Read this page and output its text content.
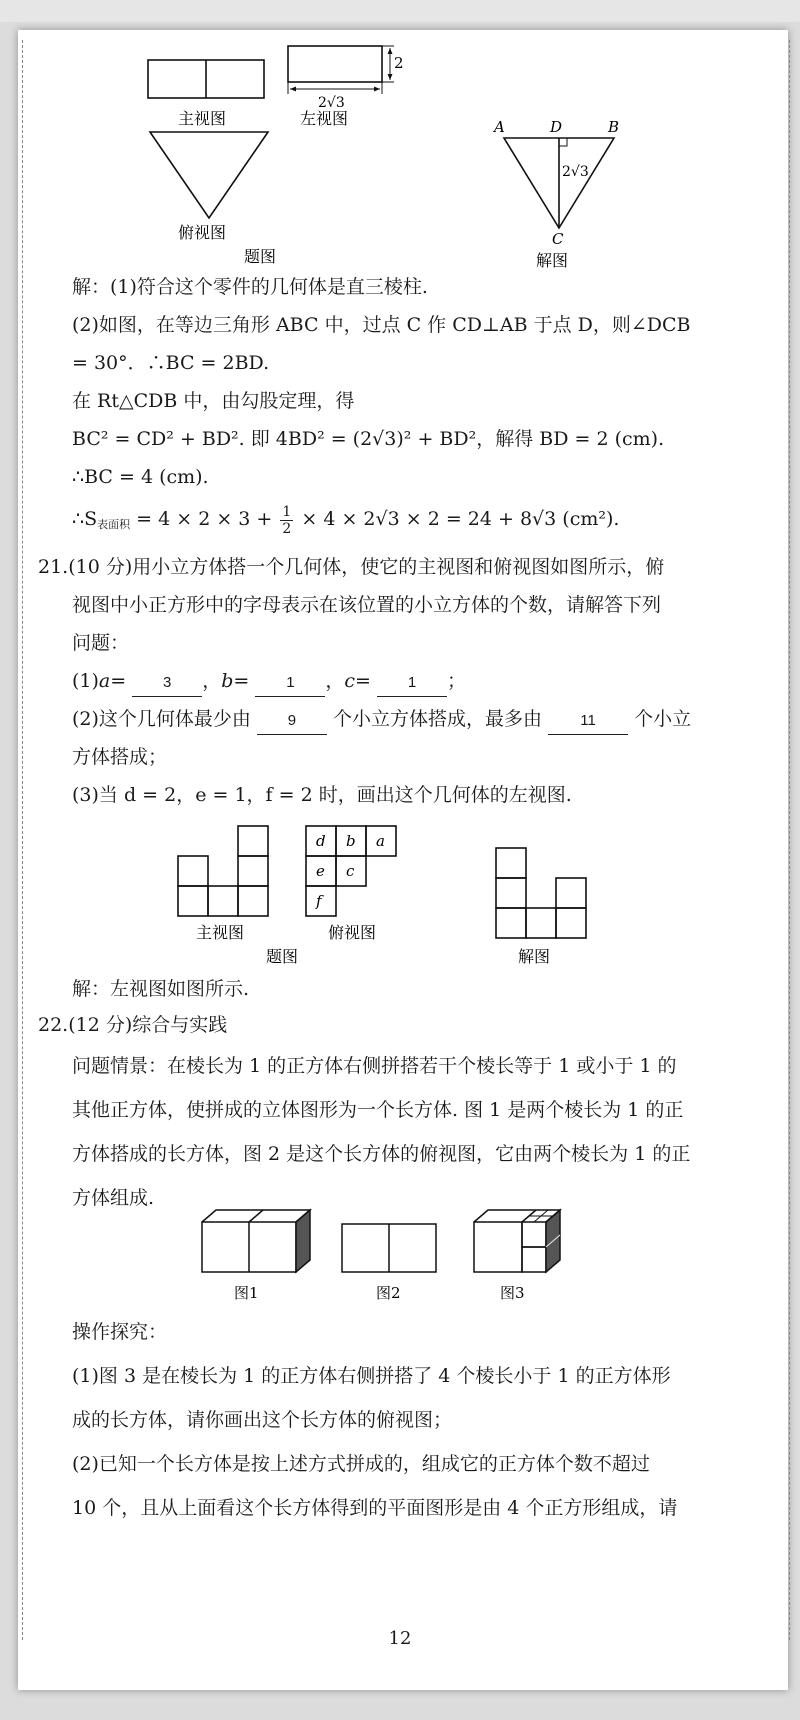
2
2√3
主视图	左视图
俯视图
题图
A	D	B
2√3
C
解图
解：(1)符合这个零件的几何体是直三棱柱.
(2)如图，在等边三角形 ABC 中，过点 C 作 CD⊥AB 于点 D，则∠DCB
= 30°．∴BC = 2BD.
在 Rt△CDB 中，由勾股定理，得
BC² = CD² + BD². 即 4BD² = (2√3)² + BD²，解得 BD = 2 (cm).
∴BC = 4 (cm).
$\therefore S_{表面积} = 4 \times 2 \times 3 + \frac{1}{2} \times 4 \times 2√3 \times 2 = 24 + 8√3$ (cm²).
21.(10 分)用小立方体搭一个几何体，使它的主视图和俯视图如图所示，俯
视图中小正方形中的字母表示在该位置的小立方体的个数，请解答下列
问题：
(1)a= 3 ，b= 1 ，c= 1 ；
(2)这个几何体最少由 9 个小立方体搭成，最多由	11 个小立
方体搭成；
(3)当 d = 2，e = 1，f = 2 时，画出这个几何体的左视图.
d b a
e c
f
主视图	俯视图
题图	解图
解：左视图如图所示.
22.(12 分)综合与实践
问题情景：在棱长为 1 的正方体右侧拼搭若干个棱长等于 1 或小于 1 的
其他正方体，使拼成的立体图形为一个长方体. 图 1 是两个棱长为 1 的正
方体搭成的长方体，图 2 是这个长方体的俯视图，它由两个棱长为 1 的正
方体组成.
图1	图2	图3
操作探究：
(1)图 3 是在棱长为 1 的正方体右侧拼搭了 4 个棱长小于 1 的正方体形
成的长方体，请你画出这个长方体的俯视图；
(2)已知一个长方体是按上述方式拼成的，组成它的正方体个数不超过
10 个，且从上面看这个长方体得到的平面图形是由 4 个正方形组成，请
12
